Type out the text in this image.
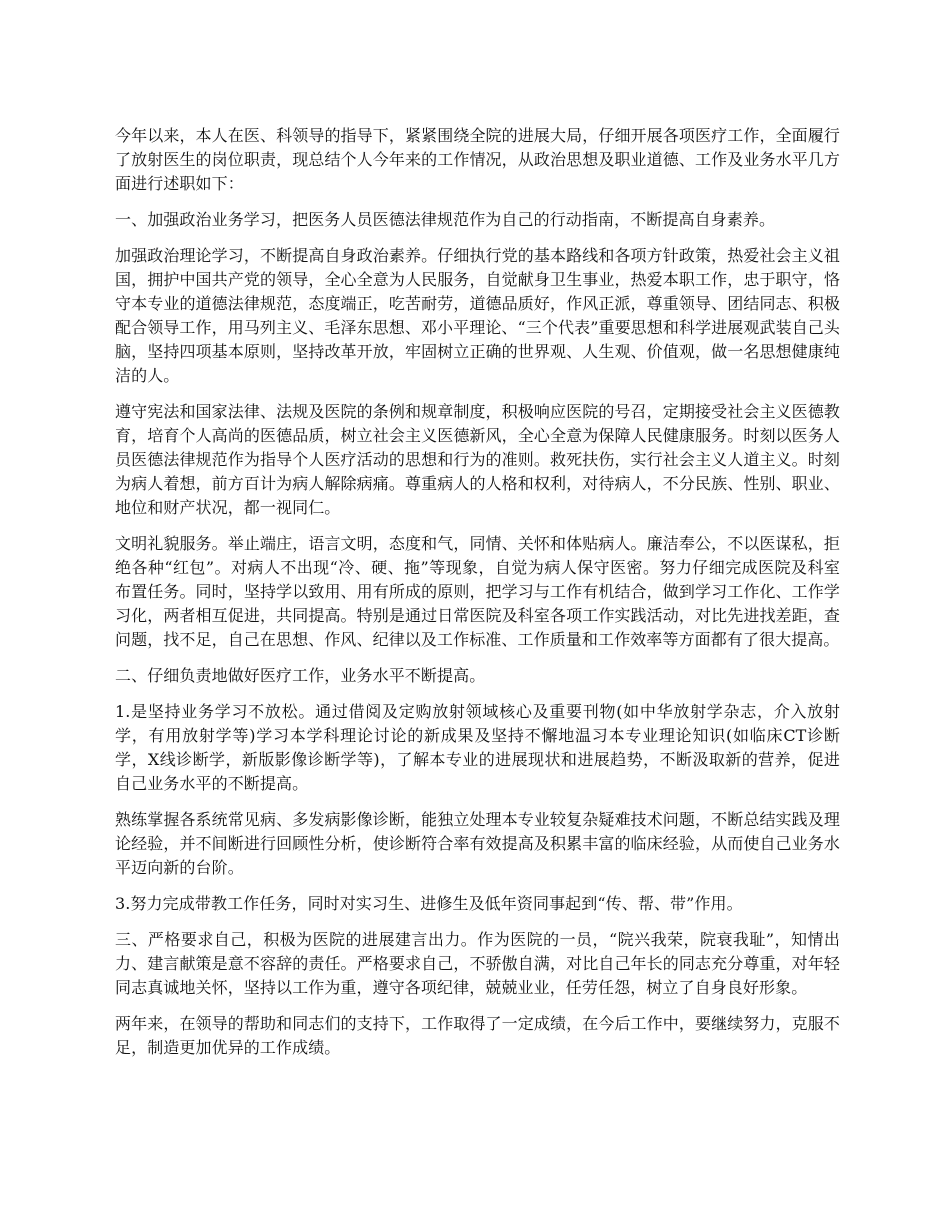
今年以来，本人在医、科领导的指导下，紧紧围绕全院的进展大局，仔细开展各项医疗工作，全面履行了放射医生的岗位职责，现总结个人今年来的工作情况，从政治思想及职业道德、工作及业务水平几方面进行述职如下：

一、加强政治业务学习，把医务人员医德法律规范作为自己的行动指南，不断提高自身素养。

加强政治理论学习，不断提高自身政治素养。仔细执行党的基本路线和各项方针政策，热爱社会主义祖国，拥护中国共产党的领导，全心全意为人民服务，自觉献身卫生事业，热爱本职工作，忠于职守，恪守本专业的道德法律规范，态度端正，吃苦耐劳，道德品质好，作风正派，尊重领导、团结同志、积极配合领导工作，用马列主义、毛泽东思想、邓小平理论、“三个代表”重要思想和科学进展观武装自己头脑，坚持四项基本原则，坚持改革开放，牢固树立正确的世界观、人生观、价值观，做一名思想健康纯洁的人。

遵守宪法和国家法律、法规及医院的条例和规章制度，积极响应医院的号召，定期接受社会主义医德教育，培育个人高尚的医德品质，树立社会主义医德新风，全心全意为保障人民健康服务。时刻以医务人员医德法律规范作为指导个人医疗活动的思想和行为的准则。救死扶伤，实行社会主义人道主义。时刻为病人着想，前方百计为病人解除病痛。尊重病人的人格和权利，对待病人，不分民族、性别、职业、地位和财产状况，都一视同仁。

文明礼貌服务。举止端庄，语言文明，态度和气，同情、关怀和体贴病人。廉洁奉公，不以医谋私，拒绝各种“红包”。对病人不出现“冷、硬、拖”等现象，自觉为病人保守医密。努力仔细完成医院及科室布置任务。同时，坚持学以致用、用有所成的原则，把学习与工作有机结合，做到学习工作化、工作学习化，两者相互促进，共同提高。特别是通过日常医院及科室各项工作实践活动，对比先进找差距，查问题，找不足，自己在思想、作风、纪律以及工作标准、工作质量和工作效率等方面都有了很大提高。

二、仔细负责地做好医疗工作，业务水平不断提高。

1.是坚持业务学习不放松。通过借阅及定购放射领域核心及重要刊物(如中华放射学杂志，介入放射学，有用放射学等)学习本学科理论讨论的新成果及坚持不懈地温习本专业理论知识(如临床CT诊断学，X线诊断学，新版影像诊断学等)，了解本专业的进展现状和进展趋势，不断汲取新的营养，促进自己业务水平的不断提高。

熟练掌握各系统常见病、多发病影像诊断，能独立处理本专业较复杂疑难技术问题，不断总结实践及理论经验，并不间断进行回顾性分析，使诊断符合率有效提高及积累丰富的临床经验，从而使自己业务水平迈向新的台阶。

3.努力完成带教工作任务，同时对实习生、进修生及低年资同事起到“传、帮、带”作用。

三、严格要求自己，积极为医院的进展建言出力。作为医院的一员，“院兴我荣，院衰我耻”，知情出力、建言献策是意不容辞的责任。严格要求自己，不骄傲自满，对比自己年长的同志充分尊重，对年轻同志真诚地关怀，坚持以工作为重，遵守各项纪律，兢兢业业，任劳任怨，树立了自身良好形象。

两年来，在领导的帮助和同志们的支持下，工作取得了一定成绩，在今后工作中，要继续努力，克服不足，制造更加优异的工作成绩。
